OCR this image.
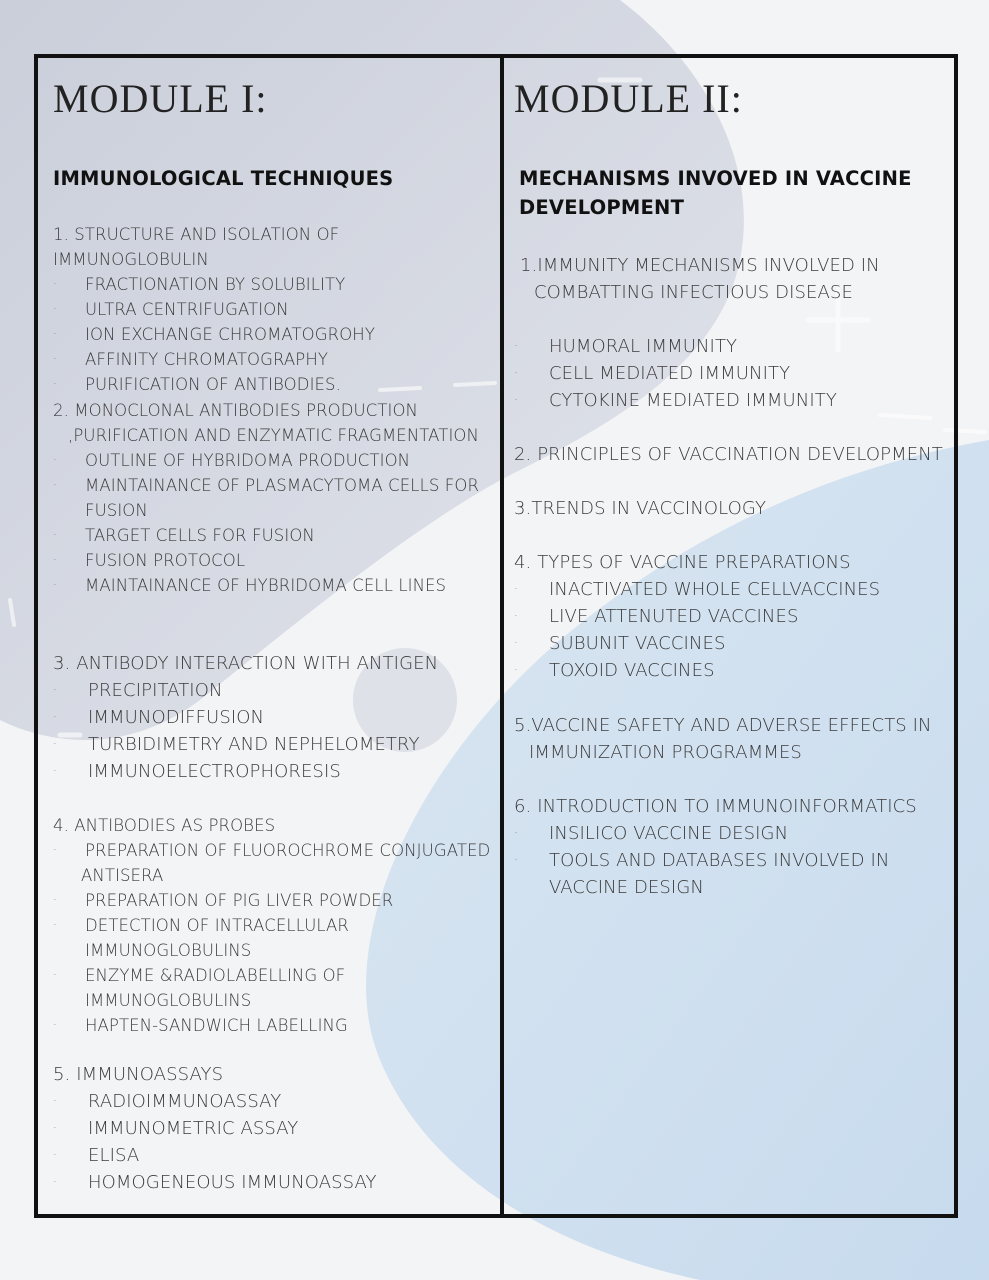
MODULE I:
IMMUNOLOGICAL TECHNIQUES
1. STRUCTURE AND ISOLATION OF IMMUNOGLOBULIN
· FRACTIONATION BY SOLUBILITY
· ULTRA CENTRIFUGATION
· ION EXCHANGE CHROMATOGROHY
· AFFINITY CHROMATOGRAPHY
· PURIFICATION OF ANTIBODIES.
2. MONOCLONAL ANTIBODIES PRODUCTION
,PURIFICATION AND ENZYMATIC FRAGMENTATION
· OUTLINE OF HYBRIDOMA PRODUCTION
· MAINTAINANCE OF PLASMACYTOMA CELLS FOR
FUSION
· TARGET CELLS FOR FUSION
· FUSION PROTOCOL
· MAINTAINANCE OF HYBRIDOMA CELL LINES
3. ANTIBODY INTERACTION WITH ANTIGEN
· PRECIPITATION
· IMMUNODIFFUSION
· TURBIDIMETRY AND NEPHELOMETRY
· IMMUNOELECTROPHORESIS
4. ANTIBODIES AS PROBES
· PREPARATION OF FLUOROCHROME CONJUGATED
ANTISERA
· PREPARATION OF PIG LIVER POWDER
· DETECTION OF INTRACELLULAR
IMMUNOGLOBULINS
· ENZYME &RADIOLABELLING OF
IMMUNOGLOBULINS
· HAPTEN-SANDWICH LABELLING
5. IMMUNOASSAYS
· RADIOIMMUNOASSAY
· IMMUNOMETRIC ASSAY
· ELISA
· HOMOGENEOUS IMMUNOASSAY
MODULE II:
MECHANISMS INVOVED IN VACCINE
DEVELOPMENT
1.IMMUNITY MECHANISMS INVOLVED IN
COMBATTING INFECTIOUS DISEASE
· HUMORAL IMMUNITY
· CELL MEDIATED IMMUNITY
· CYTOKINE MEDIATED IMMUNITY
2. PRINCIPLES OF VACCINATION DEVELOPMENT
3.TRENDS IN VACCINOLOGY
4. TYPES OF VACCINE PREPARATIONS
· INACTIVATED WHOLE CELLVACCINES
· LIVE ATTENUTED VACCINES
· SUBUNIT VACCINES
· TOXOID VACCINES
5.VACCINE SAFETY AND ADVERSE EFFECTS IN
IMMUNIZATION PROGRAMMES
6. INTRODUCTION TO IMMUNOINFORMATICS
· INSILICO VACCINE DESIGN
· TOOLS AND DATABASES INVOLVED IN
VACCINE DESIGN
